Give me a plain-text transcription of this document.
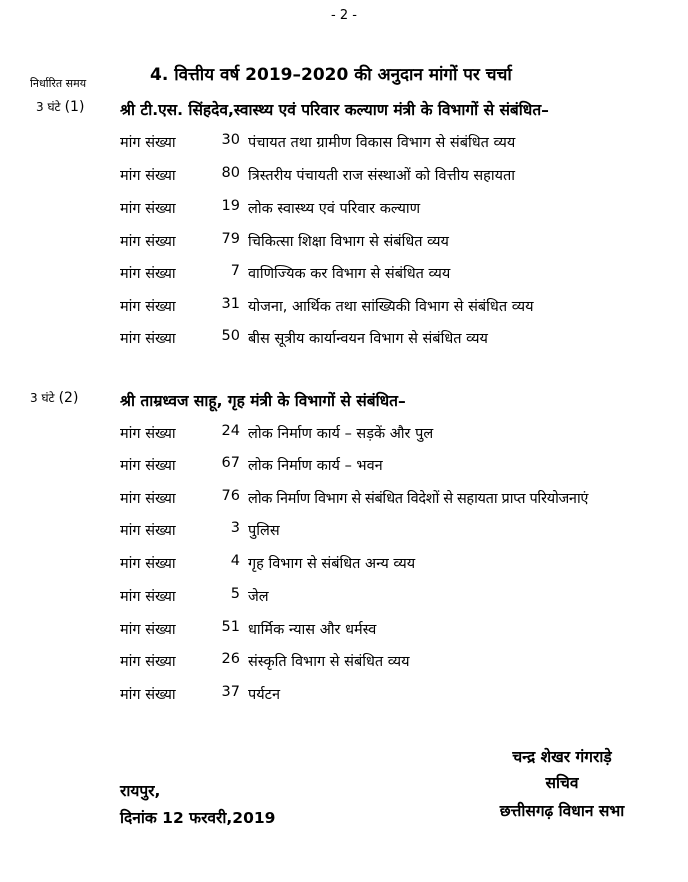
- 2 -
4. वित्तीय वर्ष 2019–2020 की अनुदान मांगों पर चर्चा
निर्धारित समय
3 घंटे (1) श्री टी.एस. सिंहदेव,स्वास्थ्य एवं परिवार कल्याण मंत्री के विभागों से संबंधित–
मांग संख्या	30 पंचायत तथा ग्रामीण विकास विभाग से संबंधित व्यय
मांग संख्या	80 त्रिस्तरीय पंचायती राज संस्थाओं को वित्तीय सहायता
मांग संख्या	19 लोक स्वास्थ्य एवं परिवार कल्याण
मांग संख्या	79 चिकित्सा शिक्षा विभाग से संबंधित व्यय
मांग संख्या	7 वाणिज्यिक कर विभाग से संबंधित व्यय
मांग संख्या	31 योजना, आर्थिक तथा सांख्यिकी विभाग से संबंधित व्यय
मांग संख्या	50 बीस सूत्रीय कार्यान्वयन विभाग से संबंधित व्यय
3 घंटे (2)	श्री ताम्रध्वज साहू, गृह मंत्री के विभागों से संबंधित–
मांग संख्या	24 लोक निर्माण कार्य – सड़कें और पुल
मांग संख्या	67 लोक निर्माण कार्य – भवन
मांग संख्या	76 लोक निर्माण विभाग से संबंधित विदेशों से सहायता प्राप्त परियोजनाएं
मांग संख्या	3 पुलिस
मांग संख्या	4 गृह विभाग से संबंधित अन्य व्यय
मांग संख्या	5 जेल
मांग संख्या	51 धार्मिक न्यास और धर्मस्व
मांग संख्या	26 संस्कृति विभाग से संबंधित व्यय
मांग संख्या	37 पर्यटन
चन्द्र शेखर गंगराड़े
सचिव
छत्तीसगढ़ विधान सभा
रायपुर,
दिनांक 12 फरवरी,2019
